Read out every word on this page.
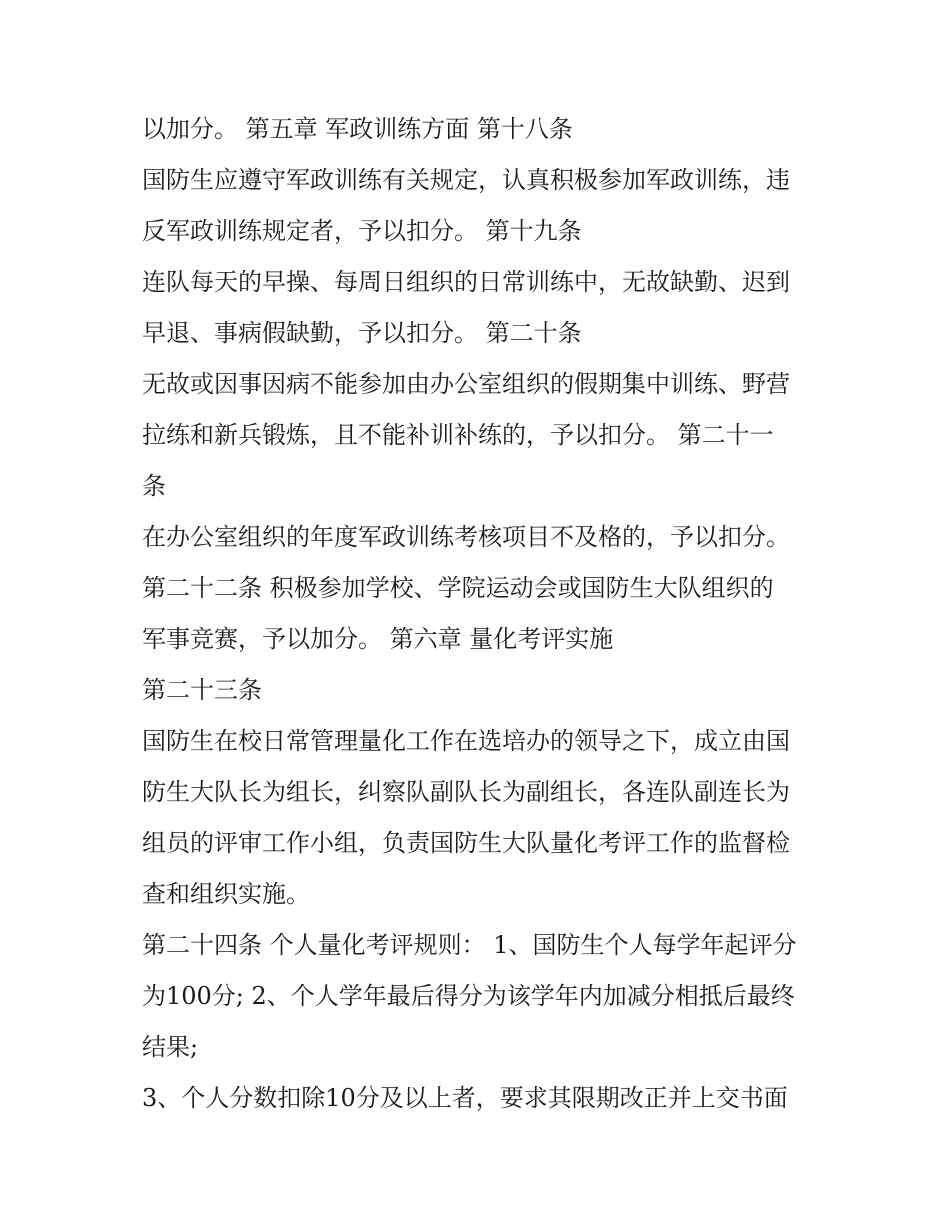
以加分。 第五章 军政训练方面 第十八条
国防生应遵守军政训练有关规定，认真积极参加军政训练，违
反军政训练规定者，予以扣分。 第十九条
连队每天的早操、每周日组织的日常训练中，无故缺勤、迟到
早退、事病假缺勤，予以扣分。 第二十条
无故或因事因病不能参加由办公室组织的假期集中训练、野营
拉练和新兵锻炼，且不能补训补练的，予以扣分。 第二十一
条
在办公室组织的年度军政训练考核项目不及格的，予以扣分。
第二十二条 积极参加学校、学院运动会或国防生大队组织的
军事竞赛，予以加分。 第六章 量化考评实施
第二十三条
国防生在校日常管理量化工作在选培办的领导之下，成立由国
防生大队长为组长，纠察队副队长为副组长，各连队副连长为
组员的评审工作小组，负责国防生大队量化考评工作的监督检
查和组织实施。
第二十四条 个人量化考评规则： 1、国防生个人每学年起评分
为100分; 2、个人学年最后得分为该学年内加减分相抵后最终
结果;
3、个人分数扣除10分及以上者，要求其限期改正并上交书面
